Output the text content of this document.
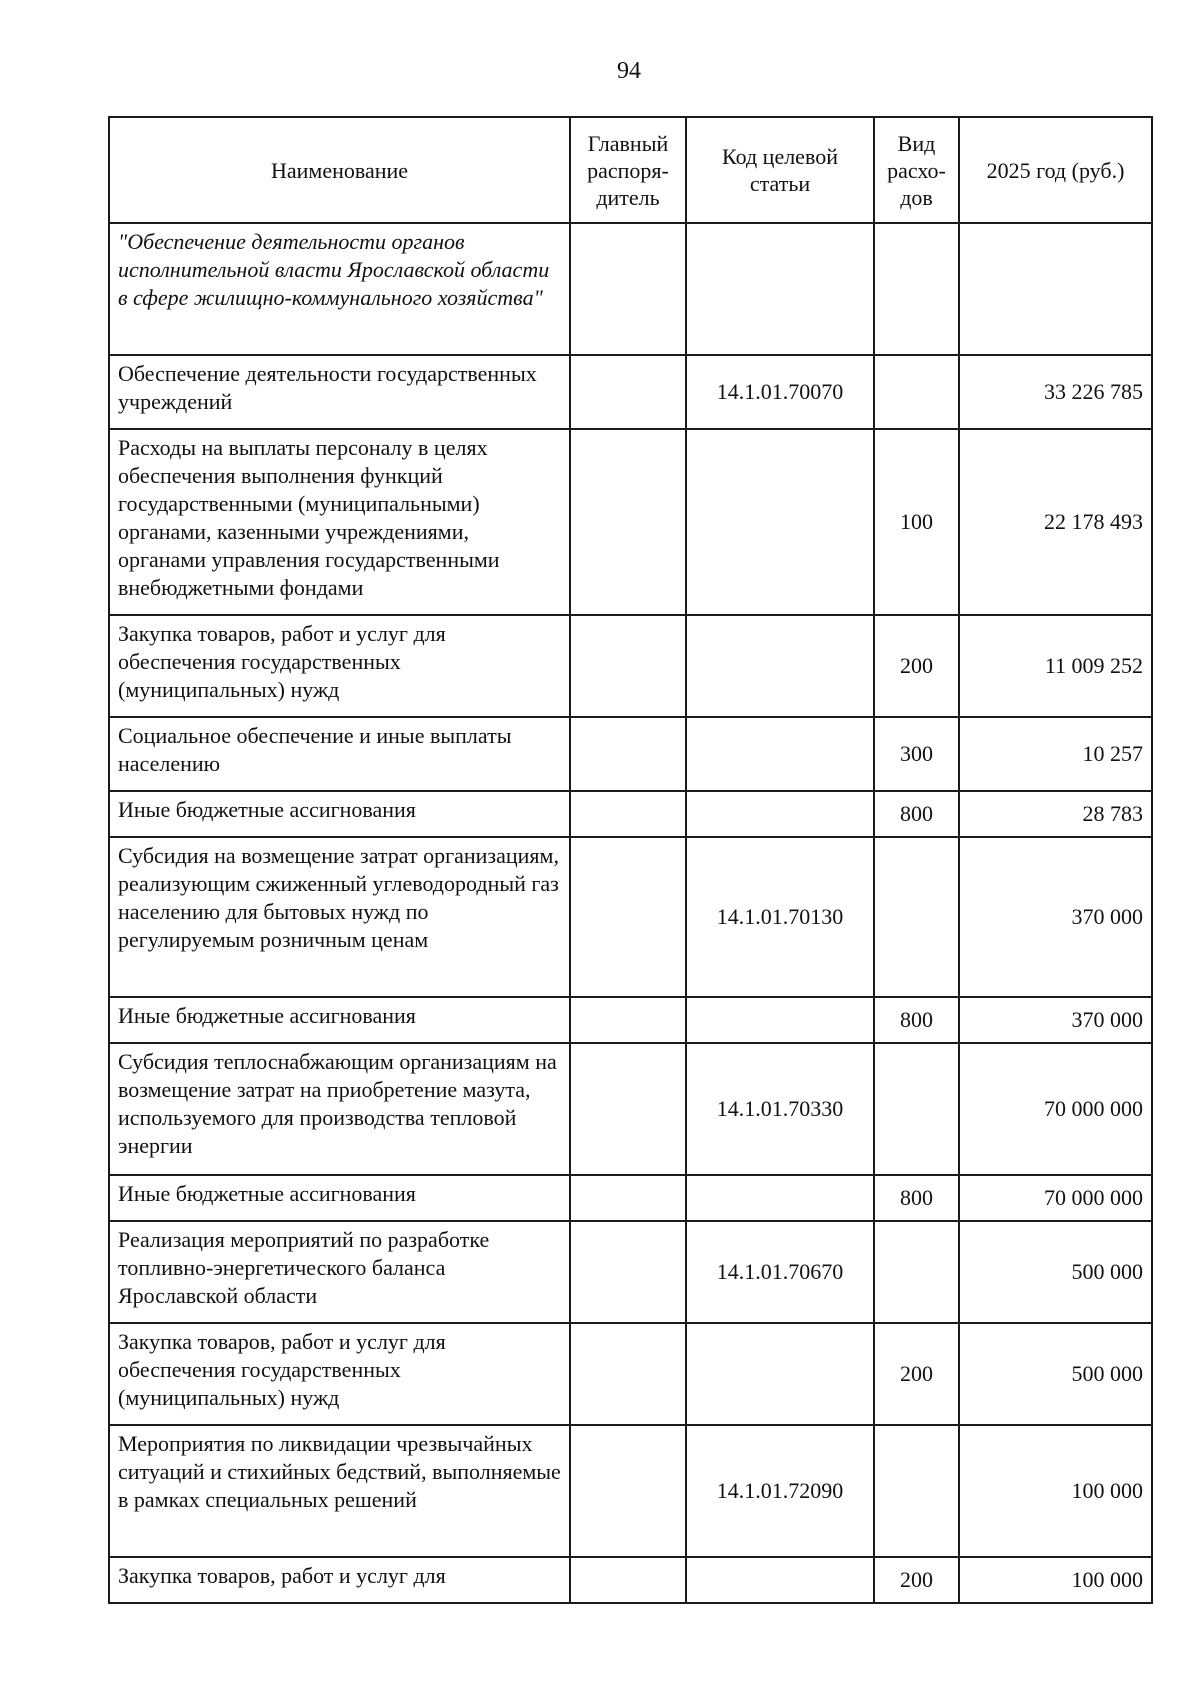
94
Наименование	Главный распоря-дитель	Код целевой статьи	Вид расхо-дов	2025 год (руб.)
"Обеспечение деятельности органов исполнительной власти Ярославской области в сфере жилищно-коммунального хозяйства"				
Обеспечение деятельности государственных учреждений		14.1.01.70070		33 226 785
Расходы на выплаты персоналу в целях обеспечения выполнения функций государственными (муниципальными) органами, казенными учреждениями, органами управления государственными внебюджетными фондами			100	22 178 493
Закупка товаров, работ и услуг для обеспечения государственных (муниципальных) нужд			200	11 009 252
Социальное обеспечение и иные выплаты населению			300	10 257
Иные бюджетные ассигнования			800	28 783
Субсидия на возмещение затрат организациям, реализующим сжиженный углеводородный газ населению для бытовых нужд по регулируемым розничным ценам		14.1.01.70130		370 000
Иные бюджетные ассигнования			800	370 000
Субсидия теплоснабжающим организациям на возмещение затрат на приобретение мазута, используемого для производства тепловой энергии		14.1.01.70330		70 000 000
Иные бюджетные ассигнования			800	70 000 000
Реализация мероприятий по разработке топливно-энергетического баланса Ярославской области		14.1.01.70670		500 000
Закупка товаров, работ и услуг для обеспечения государственных (муниципальных) нужд			200	500 000
Мероприятия по ликвидации чрезвычайных ситуаций и стихийных бедствий, выполняемые в рамках специальных решений		14.1.01.72090		100 000
Закупка товаров, работ и услуг для			200	100 000
